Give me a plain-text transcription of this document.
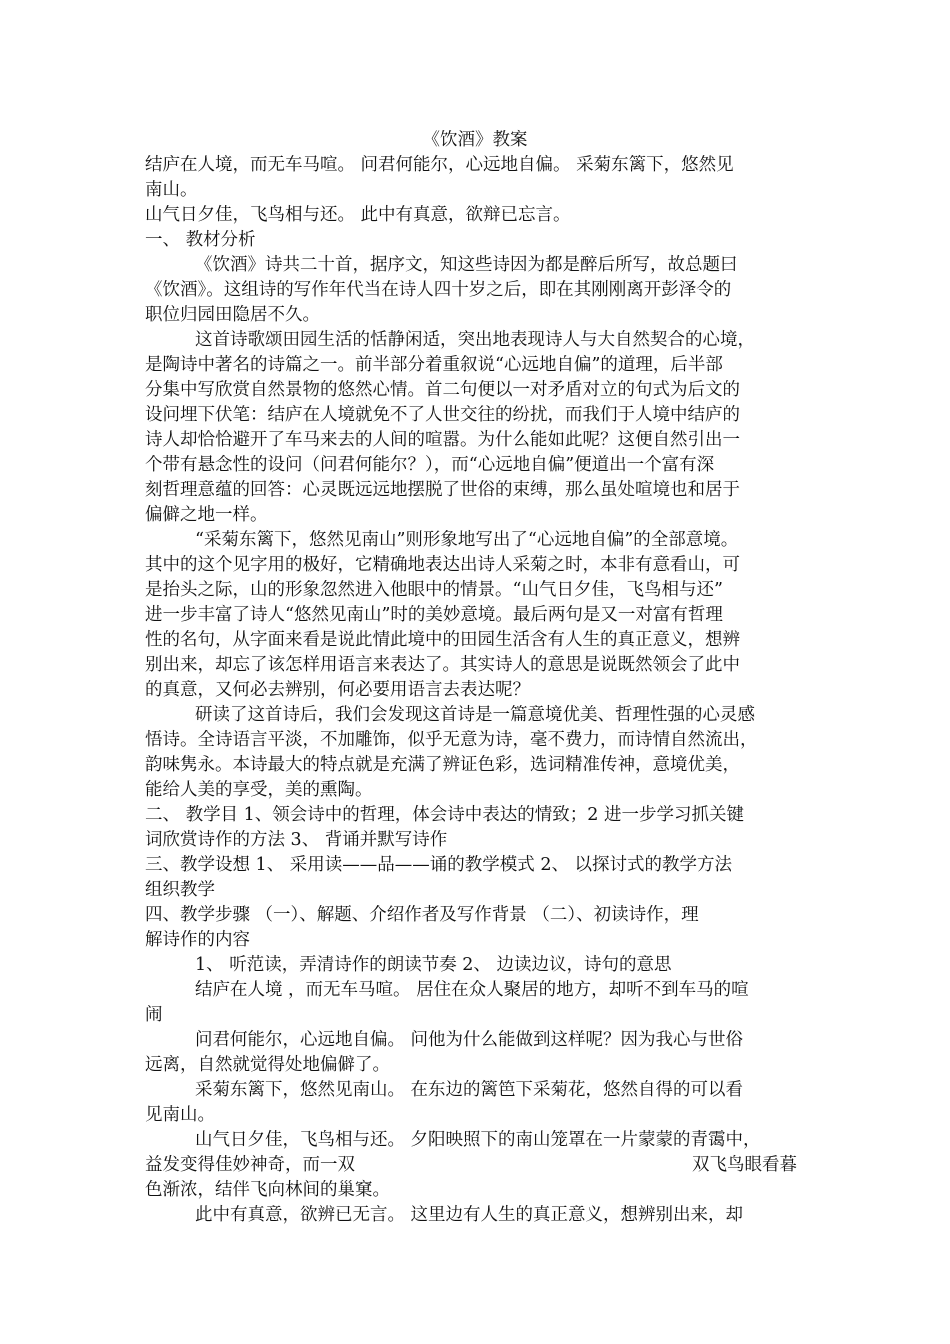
《饮酒》教案
结庐在人境，而无车马喧。 问君何能尔，心远地自偏。 采菊东篱下，悠然见
南山。
山气日夕佳，飞鸟相与还。 此中有真意，欲辩已忘言。
一、 教材分析
《饮酒》诗共二十首，据序文，知这些诗因为都是醉后所写，故总题曰
《饮酒》。这组诗的写作年代当在诗人四十岁之后，即在其刚刚离开彭泽令的
职位归园田隐居不久。
这首诗歌颂田园生活的恬静闲适，突出地表现诗人与大自然契合的心境，
是陶诗中著名的诗篇之一。前半部分着重叙说“心远地自偏”的道理，后半部
分集中写欣赏自然景物的悠然心情。首二句便以一对矛盾对立的句式为后文的
设问埋下伏笔：结庐在人境就免不了人世交往的纷扰，而我们于人境中结庐的
诗人却恰恰避开了车马来去的人间的喧嚣。为什么能如此呢？这便自然引出一
个带有悬念性的设问（问君何能尔？），而“心远地自偏”便道出一个富有深
刻哲理意蕴的回答：心灵既远远地摆脱了世俗的束缚，那么虽处喧境也和居于
偏僻之地一样。
“采菊东篱下，悠然见南山”则形象地写出了“心远地自偏”的全部意境。
其中的这个见字用的极好，它精确地表达出诗人采菊之时，本非有意看山，可
是抬头之际，山的形象忽然进入他眼中的情景。“山气日夕佳，飞鸟相与还”
进一步丰富了诗人“悠然见南山”时的美妙意境。最后两句是又一对富有哲理
性的名句，从字面来看是说此情此境中的田园生活含有人生的真正意义，想辨
别出来，却忘了该怎样用语言来表达了。其实诗人的意思是说既然领会了此中
的真意，又何必去辨别，何必要用语言去表达呢？
研读了这首诗后，我们会发现这首诗是一篇意境优美、哲理性强的心灵感
悟诗。全诗语言平淡，不加雕饰，似乎无意为诗，毫不费力，而诗情自然流出，
韵味隽永。本诗最大的特点就是充满了辨证色彩，选词精准传神，意境优美，
能给人美的享受，美的熏陶。
二、 教学目 1、领会诗中的哲理，体会诗中表达的情致；2 进一步学习抓关键
词欣赏诗作的方法 3、 背诵并默写诗作
三、教学设想 1、 采用读——品——诵的教学模式 2、 以探讨式的教学方法
组织教学
四、教学步骤 （一）、解题、介绍作者及写作背景 （二）、初读诗作，理
解诗作的内容
1、 听范读，弄清诗作的朗读节奏 2、 边读边议，诗句的意思
结庐在人境 ，而无车马喧。 居住在众人聚居的地方，却听不到车马的喧
闹
问君何能尔，心远地自偏。 问他为什么能做到这样呢？因为我心与世俗
远离，自然就觉得处地偏僻了。
采菊东篱下，悠然见南山。 在东边的篱笆下采菊花，悠然自得的可以看
见南山。
山气日夕佳，飞鸟相与还。 夕阳映照下的南山笼罩在一片蒙蒙的青霭中，
益发变得佳妙神奇，而一双	双飞鸟眼看暮
色渐浓，结伴飞向林间的巢窠。
此中有真意，欲辨已无言。 这里边有人生的真正意义，想辨别出来，却
